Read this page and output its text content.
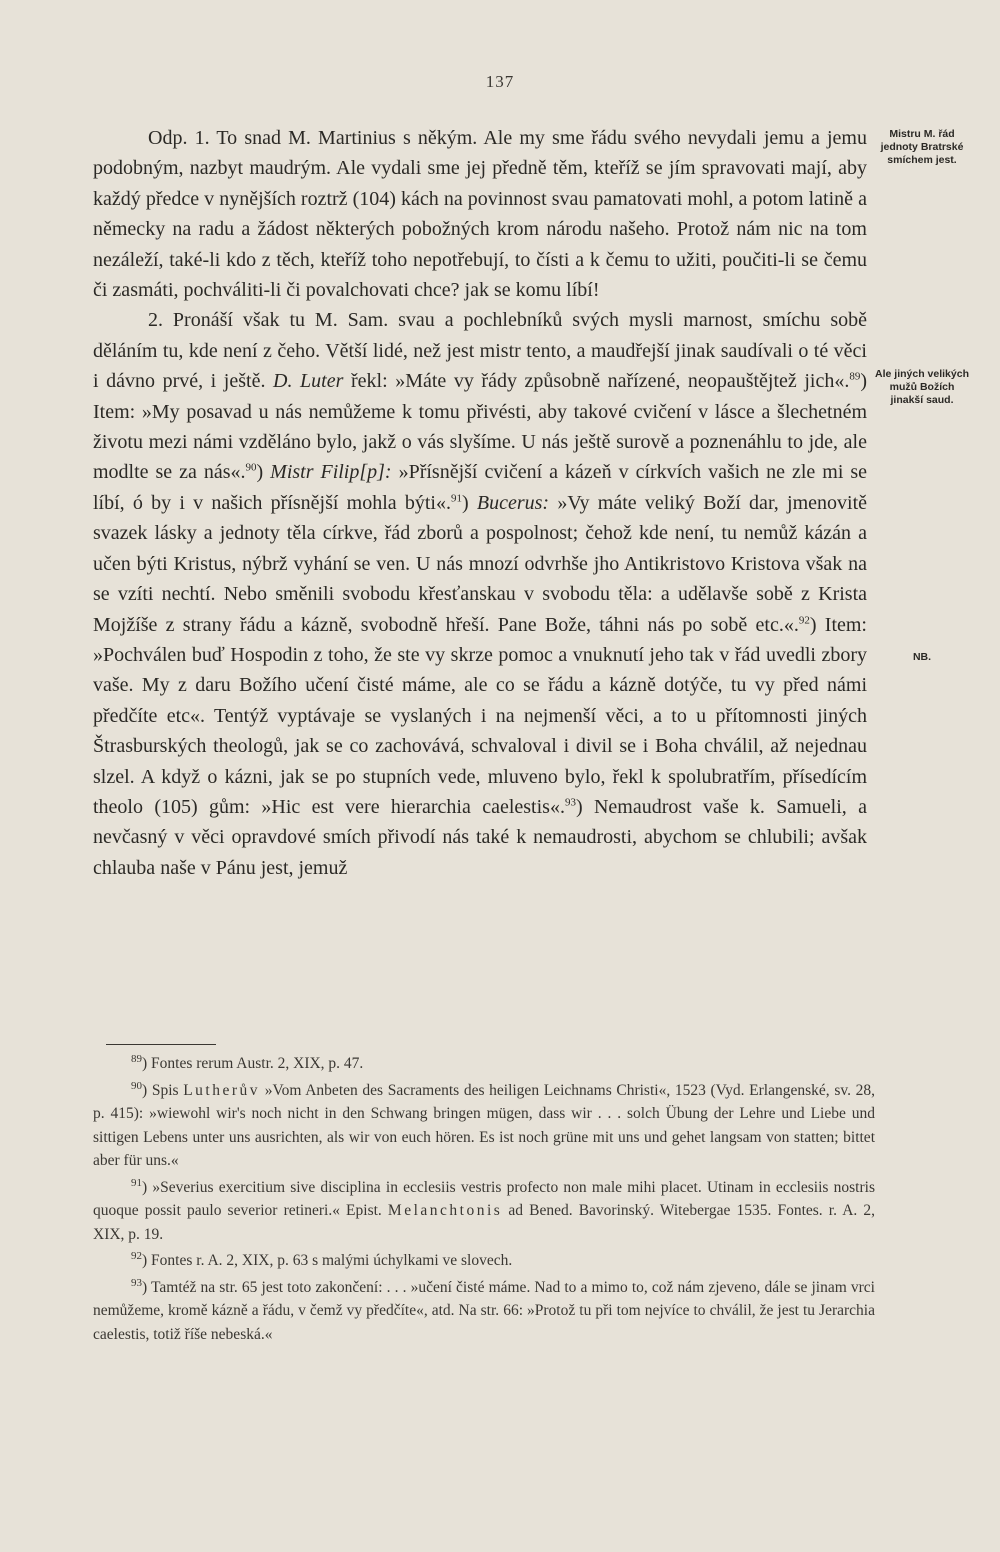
137

Odp. 1. To snad M. Martinius s někým. Ale my sme řádu svého nevydali jemu a jemu podobným, nazbyt maudrým. Ale vydali sme jej předně těm, kteříž se jím spravovati mají, aby každý předce v nynějších roztrž (104) kách na povinnost svau pamatovati mohl, a potom latině a německy na radu a žádost některých pobožných krom národu našeho. Protož nám nic na tom nezáleží, také-li kdo z těch, kteříž toho nepotřebují, to čísti a k čemu to užiti, poučiti-li se čemu či zasmáti, pochváliti-li či povalchovati chce? jak se komu líbí!

2. Pronáší však tu M. Sam. svau a pochlebníků svých mysli marnost, smíchu sobě děláním tu, kde není z čeho. Větší lidé, než jest mistr tento, a maudřejší jinak saudívali o té věci i dávno prvé, i ještě. D. Luter řekl: »Máte vy řády způsobně nařízené, neopauštějtež jich«.$^{89}$) Item: »My posavad u nás nemůžeme k tomu přivésti, aby takové cvičení v lásce a šlechetném životu mezi námi vzděláno bylo, jakž o vás slyšíme. U nás ještě surově a poznenáhlu to jde, ale modlte se za nás«.$^{90}$) Mistr Filip[p]: »Přísnější cvičení a kázeň v církvích vašich ne zle mi se líbí, ó by i v našich přísnější mohla býti«.$^{91}$) Bucerus: »Vy máte veliký Boží dar, jmenovitě svazek lásky a jednoty těla církve, řád zborů a pospolnost; čehož kde není, tu nemůž kázán a učen býti Kristus, nýbrž vyhání se ven. U nás mnozí odvrhše jho Antikristovo Kristova však na se vzíti nechtí. Nebo směnili svobodu křesťanskau v svobodu těla: a udělavše sobě z Krista Mojžíše z strany řádu a kázně, svobodně hřeší. Pane Bože, táhni nás po sobě etc.«.$^{92}$) Item: »Pochválen buď Hospodin z toho, že ste vy skrze pomoc a vnuknutí jeho tak v řád uvedli zbory vaše. My z daru Božího učení čisté máme, ale co se řádu a kázně dotýče, tu vy před námi předčíte etc«. Tentýž vyptávaje se vyslaných i na nejmenší věci, a to u přítomnosti jiných Štrasburských theologů, jak se co zachovává, schvaloval i divil se i Boha chválil, až nejednau slzel. A když o kázni, jak se po stupních vede, mluveno bylo, řekl k spolubratřím, přísedícím theolo (105) gům: »Hic est vere hierarchia caelestis«.$^{93}$) Nemaudrost vaše k. Samueli, a nevčasný v věci opravdové smích přivodí nás také k nemaudrosti, abychom se chlubili; avšak chlauba naše v Pánu jest, jemuž

Mistru M. řád jednoty Bratrské smíchem jest.
Ale jiných velikých mužů Božích jinakší saud.
NB.

$^{89}$) Fontes rerum Austr. 2, XIX, p. 47.

$^{90}$) Spis Lutherův »Vom Anbeten des Sacraments des heiligen Leichnams Christi«, 1523 (Vyd. Erlangenské, sv. 28, p. 415): »wiewohl wir's noch nicht in den Schwang bringen mügen, dass wir . . . solch Übung der Lehre und Liebe und sittigen Lebens unter uns ausrichten, als wir von euch hören. Es ist noch grüne mit uns und gehet langsam von statten; bittet aber für uns.«

$^{91}$) »Severius exercitium sive disciplina in ecclesiis vestris profecto non male mihi placet. Utinam in ecclesiis nostris quoque possit paulo severior retineri.« Epist. Melanchtonis ad Bened. Bavorinský. Witebergae 1535. Fontes. r. A. 2, XIX, p. 19.

$^{92}$) Fontes r. A. 2, XIX, p. 63 s malými úchylkami ve slovech.

$^{93}$) Tamtéž na str. 65 jest toto zakončení: . . . »učení čisté máme. Nad to a mimo to, což nám zjeveno, dále se jinam vrci nemůžeme, kromě kázně a řádu, v čemž vy předčíte«, atd. Na str. 66: »Protož tu při tom nejvíce to chválil, že jest tu Jerarchia caelestis, totiž říše nebeská.«
